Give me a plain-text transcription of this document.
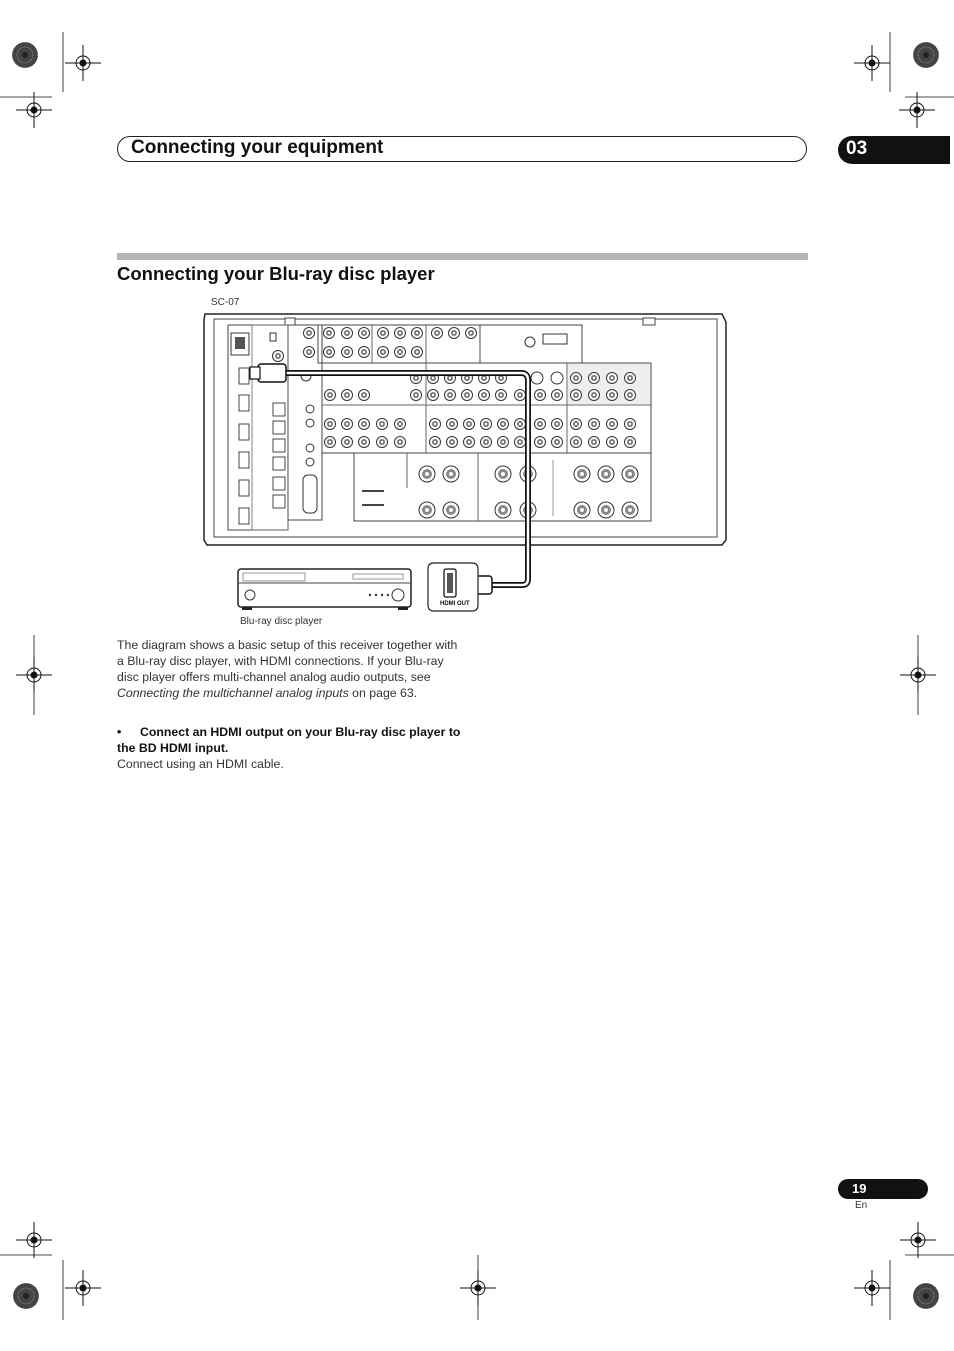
Connecting your equipment	03
Connecting your Blu-ray disc player
SC-07
Blu-ray disc player
HDMI OUT
The diagram shows a basic setup of this receiver together with a Blu-ray disc player, with HDMI connections. If your Blu-ray disc player offers multi-channel analog audio outputs, see Connecting the multichannel analog inputs on page 63.
• Connect an HDMI output on your Blu-ray disc player to the BD HDMI input.
Connect using an HDMI cable.
19
En
